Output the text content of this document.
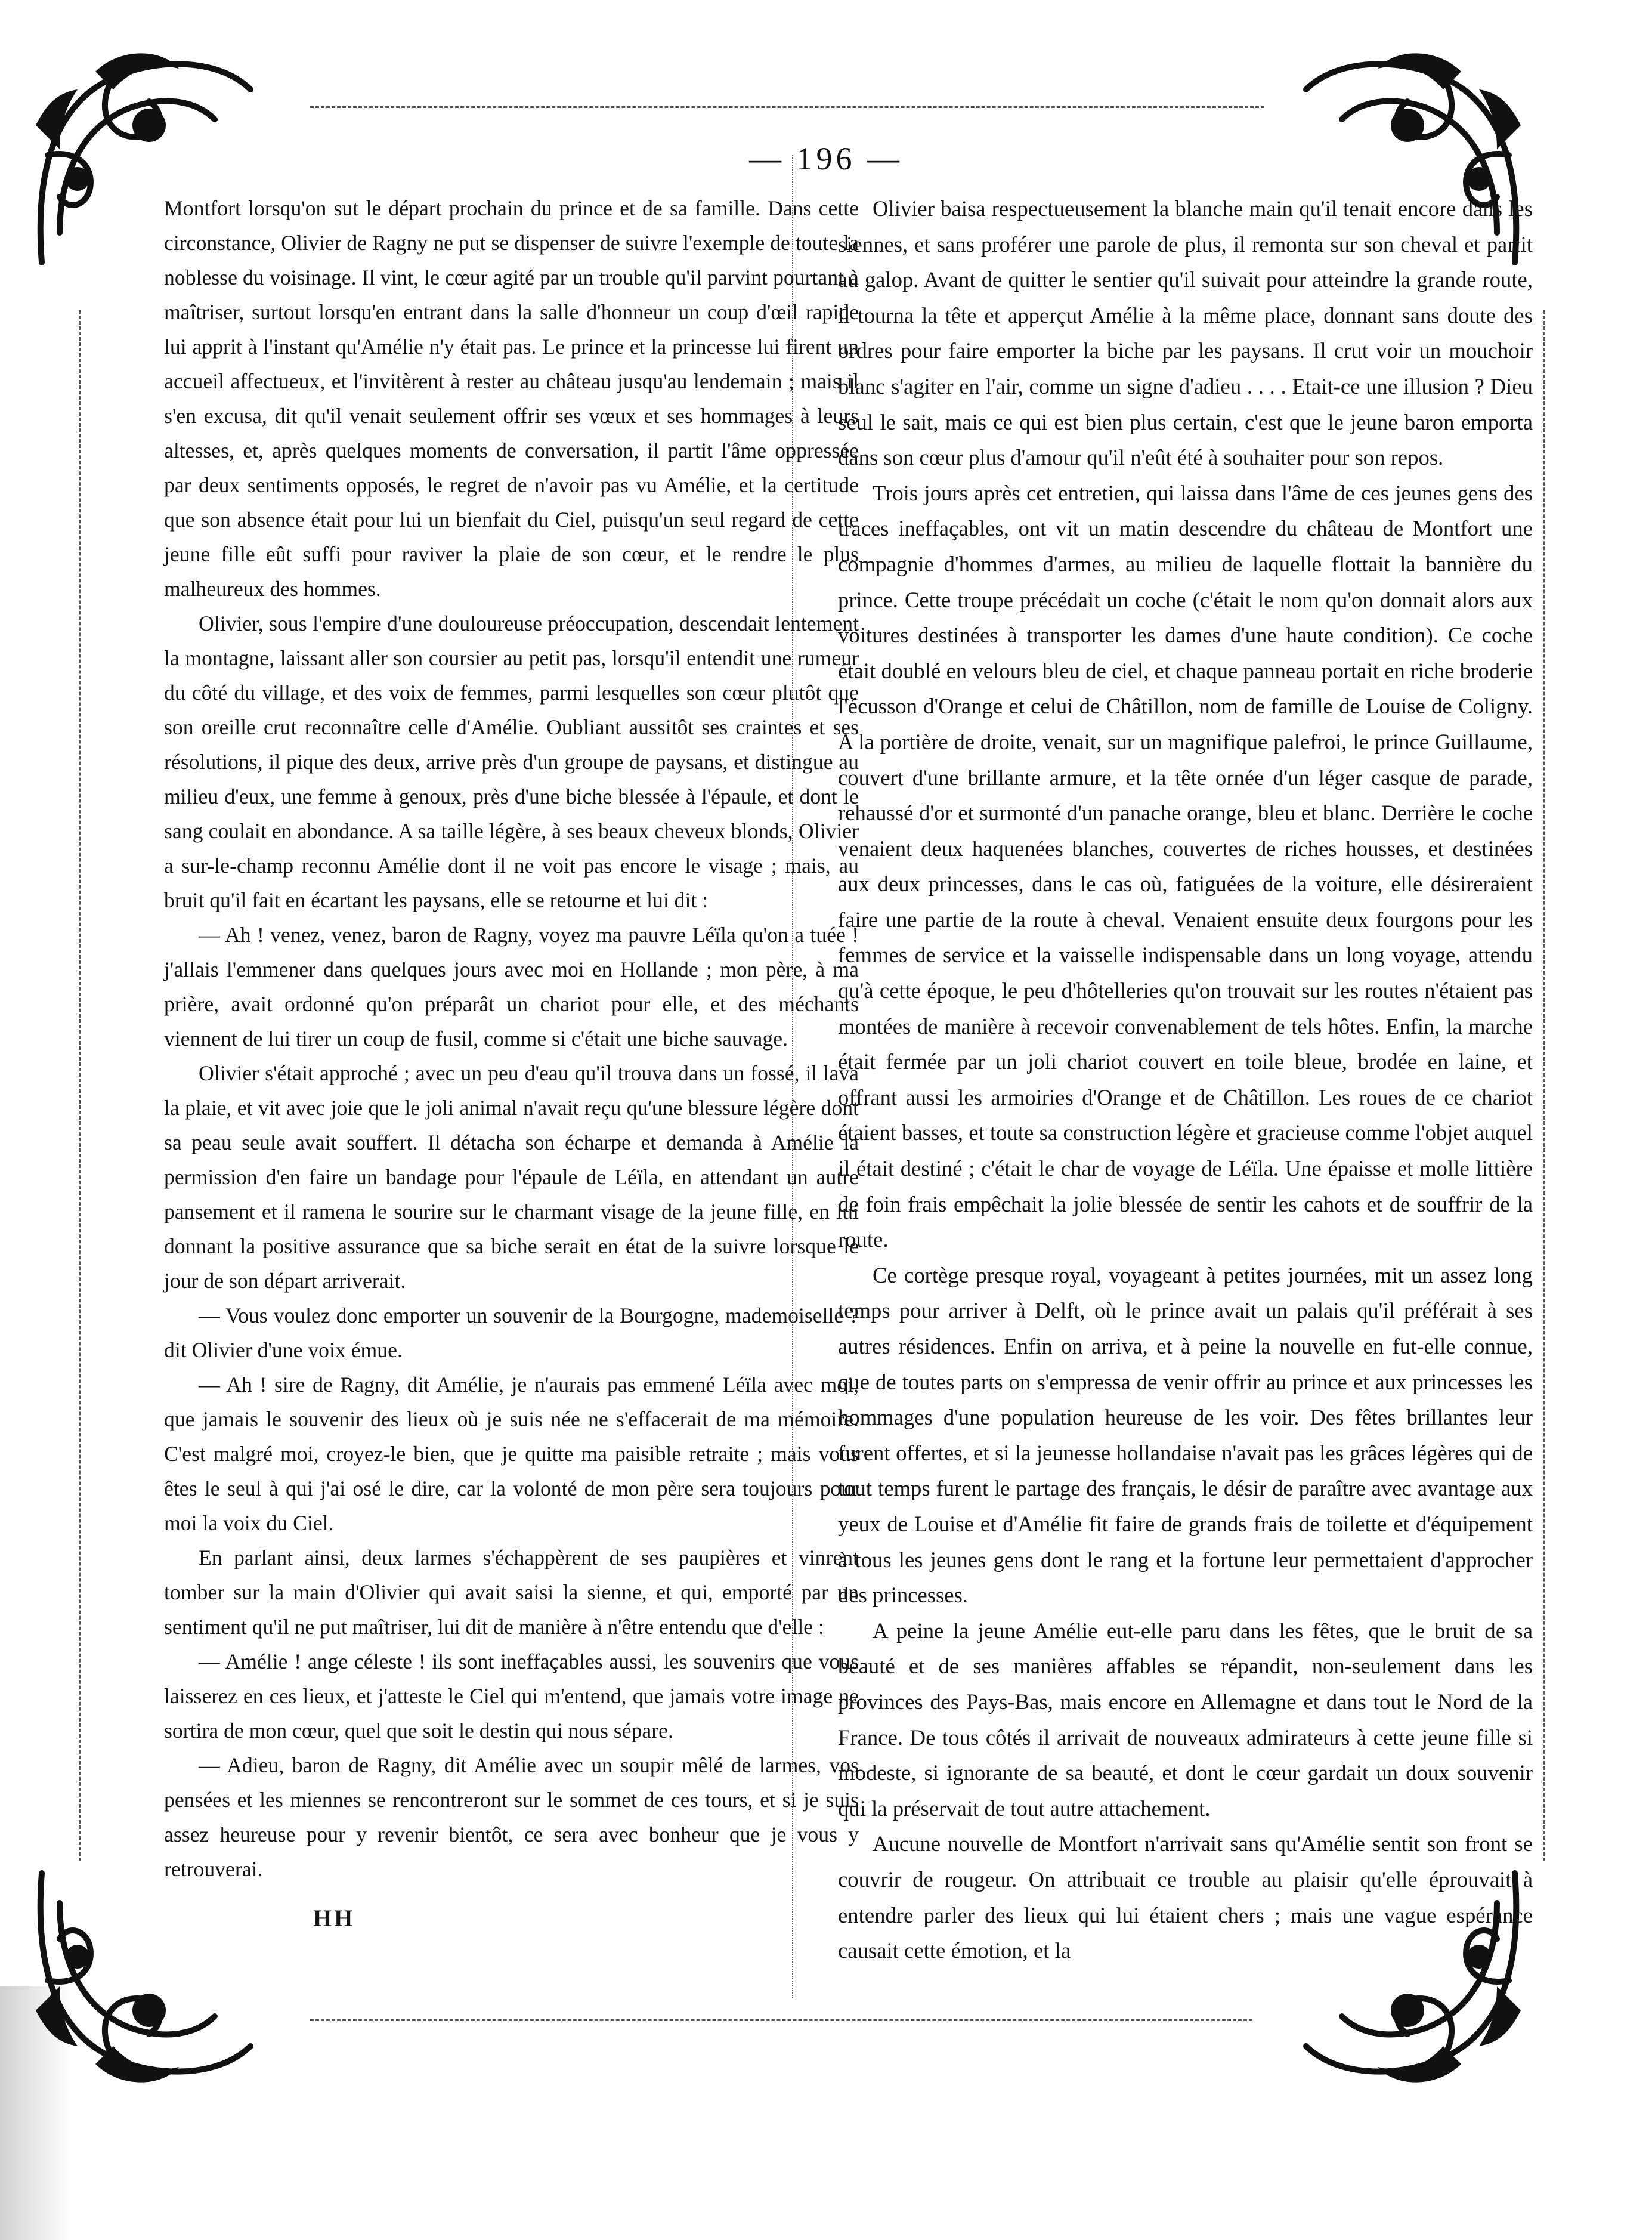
— 196 —

Montfort lorsqu'on sut le départ prochain du prince et de sa famille. Dans cette circonstance, Olivier de Ragny ne put se dispenser de suivre l'exemple de toute la noblesse du voisinage. Il vint, le cœur agité par un trouble qu'il parvint pourtant à maîtriser, surtout lorsqu'en entrant dans la salle d'honneur un coup d'œil rapide lui apprit à l'instant qu'Amélie n'y était pas. Le prince et la princesse lui firent un accueil affectueux, et l'invitèrent à rester au château jusqu'au lendemain ; mais il s'en excusa, dit qu'il venait seulement offrir ses vœux et ses hommages à leurs altesses, et, après quelques moments de conversation, il partit l'âme oppressée par deux sentiments opposés, le regret de n'avoir pas vu Amélie, et la certitude que son absence était pour lui un bienfait du Ciel, puisqu'un seul regard de cette jeune fille eût suffi pour raviver la plaie de son cœur, et le rendre le plus malheureux des hommes.

Olivier, sous l'empire d'une douloureuse préoccupation, descendait lentement la montagne, laissant aller son coursier au petit pas, lorsqu'il entendit une rumeur du côté du village, et des voix de femmes, parmi lesquelles son cœur plutôt que son oreille crut reconnaître celle d'Amélie. Oubliant aussitôt ses craintes et ses résolutions, il pique des deux, arrive près d'un groupe de paysans, et distingue au milieu d'eux, une femme à genoux, près d'une biche blessée à l'épaule, et dont le sang coulait en abondance. A sa taille légère, à ses beaux cheveux blonds, Olivier a sur-le-champ reconnu Amélie dont il ne voit pas encore le visage ; mais, au bruit qu'il fait en écartant les paysans, elle se retourne et lui dit :

— Ah ! venez, venez, baron de Ragny, voyez ma pauvre Léïla qu'on a tuée ! j'allais l'emmener dans quelques jours avec moi en Hollande ; mon père, à ma prière, avait ordonné qu'on préparât un chariot pour elle, et des méchants viennent de lui tirer un coup de fusil, comme si c'était une biche sauvage.

Olivier s'était approché ; avec un peu d'eau qu'il trouva dans un fossé, il lava la plaie, et vit avec joie que le joli animal n'avait reçu qu'une blessure légère dont sa peau seule avait souffert. Il détacha son écharpe et demanda à Amélie la permission d'en faire un bandage pour l'épaule de Léïla, en attendant un autre pansement et il ramena le sourire sur le charmant visage de la jeune fille, en lui donnant la positive assurance que sa biche serait en état de la suivre lorsque le jour de son départ arriverait.

— Vous voulez donc emporter un souvenir de la Bourgogne, mademoiselle ? dit Olivier d'une voix émue.

— Ah ! sire de Ragny, dit Amélie, je n'aurais pas emmené Léïla avec moi, que jamais le souvenir des lieux où je suis née ne s'effacerait de ma mémoire. C'est malgré moi, croyez-le bien, que je quitte ma paisible retraite ; mais vous êtes le seul à qui j'ai osé le dire, car la volonté de mon père sera toujours pour moi la voix du Ciel.

En parlant ainsi, deux larmes s'échappèrent de ses paupières et vinrent tomber sur la main d'Olivier qui avait saisi la sienne, et qui, emporté par un sentiment qu'il ne put maîtriser, lui dit de manière à n'être entendu que d'elle :

— Amélie ! ange céleste ! ils sont ineffaçables aussi, les souvenirs que vous laisserez en ces lieux, et j'atteste le Ciel qui m'entend, que jamais votre image ne sortira de mon cœur, quel que soit le destin qui nous sépare.

— Adieu, baron de Ragny, dit Amélie avec un soupir mêlé de larmes, vos pensées et les miennes se rencontreront sur le sommet de ces tours, et si je suis assez heureuse pour y revenir bientôt, ce sera avec bonheur que je vous y retrouverai.

HH

Olivier baisa respectueusement la blanche main qu'il tenait encore dans les siennes, et sans proférer une parole de plus, il remonta sur son cheval et partit au galop. Avant de quitter le sentier qu'il suivait pour atteindre la grande route, il tourna la tête et apperçut Amélie à la même place, donnant sans doute des ordres pour faire emporter la biche par les paysans. Il crut voir un mouchoir blanc s'agiter en l'air, comme un signe d'adieu . . . . Etait-ce une illusion ? Dieu seul le sait, mais ce qui est bien plus certain, c'est que le jeune baron emporta dans son cœur plus d'amour qu'il n'eût été à souhaiter pour son repos.

Trois jours après cet entretien, qui laissa dans l'âme de ces jeunes gens des traces ineffaçables, ont vit un matin descendre du château de Montfort une compagnie d'hommes d'armes, au milieu de laquelle flottait la bannière du prince. Cette troupe précédait un coche (c'était le nom qu'on donnait alors aux voitures destinées à transporter les dames d'une haute condition). Ce coche était doublé en velours bleu de ciel, et chaque panneau portait en riche broderie l'écusson d'Orange et celui de Châtillon, nom de famille de Louise de Coligny. A la portière de droite, venait, sur un magnifique palefroi, le prince Guillaume, couvert d'une brillante armure, et la tête ornée d'un léger casque de parade, rehaussé d'or et surmonté d'un panache orange, bleu et blanc. Derrière le coche venaient deux haquenées blanches, couvertes de riches housses, et destinées aux deux princesses, dans le cas où, fatiguées de la voiture, elle désireraient faire une partie de la route à cheval. Venaient ensuite deux fourgons pour les femmes de service et la vaisselle indispensable dans un long voyage, attendu qu'à cette époque, le peu d'hôtelleries qu'on trouvait sur les routes n'étaient pas montées de manière à recevoir convenablement de tels hôtes. Enfin, la marche était fermée par un joli chariot couvert en toile bleue, brodée en laine, et offrant aussi les armoiries d'Orange et de Châtillon. Les roues de ce chariot étaient basses, et toute sa construction légère et gracieuse comme l'objet auquel il était destiné ; c'était le char de voyage de Léïla. Une épaisse et molle littière de foin frais empêchait la jolie blessée de sentir les cahots et de souffrir de la route.

Ce cortège presque royal, voyageant à petites journées, mit un assez long temps pour arriver à Delft, où le prince avait un palais qu'il préférait à ses autres résidences. Enfin on arriva, et à peine la nouvelle en fut-elle connue, que de toutes parts on s'empressa de venir offrir au prince et aux princesses les hommages d'une population heureuse de les voir. Des fêtes brillantes leur furent offertes, et si la jeunesse hollandaise n'avait pas les grâces légères qui de tout temps furent le partage des français, le désir de paraître avec avantage aux yeux de Louise et d'Amélie fit faire de grands frais de toilette et d'équipement à tous les jeunes gens dont le rang et la fortune leur permettaient d'approcher des princesses.

A peine la jeune Amélie eut-elle paru dans les fêtes, que le bruit de sa beauté et de ses manières affables se répandit, non-seulement dans les provinces des Pays-Bas, mais encore en Allemagne et dans tout le Nord de la France. De tous côtés il arrivait de nouveaux admirateurs à cette jeune fille si modeste, si ignorante de sa beauté, et dont le cœur gardait un doux souvenir qui la préservait de tout autre attachement.

Aucune nouvelle de Montfort n'arrivait sans qu'Amélie sentit son front se couvrir de rougeur. On attribuait ce trouble au plaisir qu'elle éprouvait à entendre parler des lieux qui lui étaient chers ; mais une vague espérance causait cette émotion, et la
